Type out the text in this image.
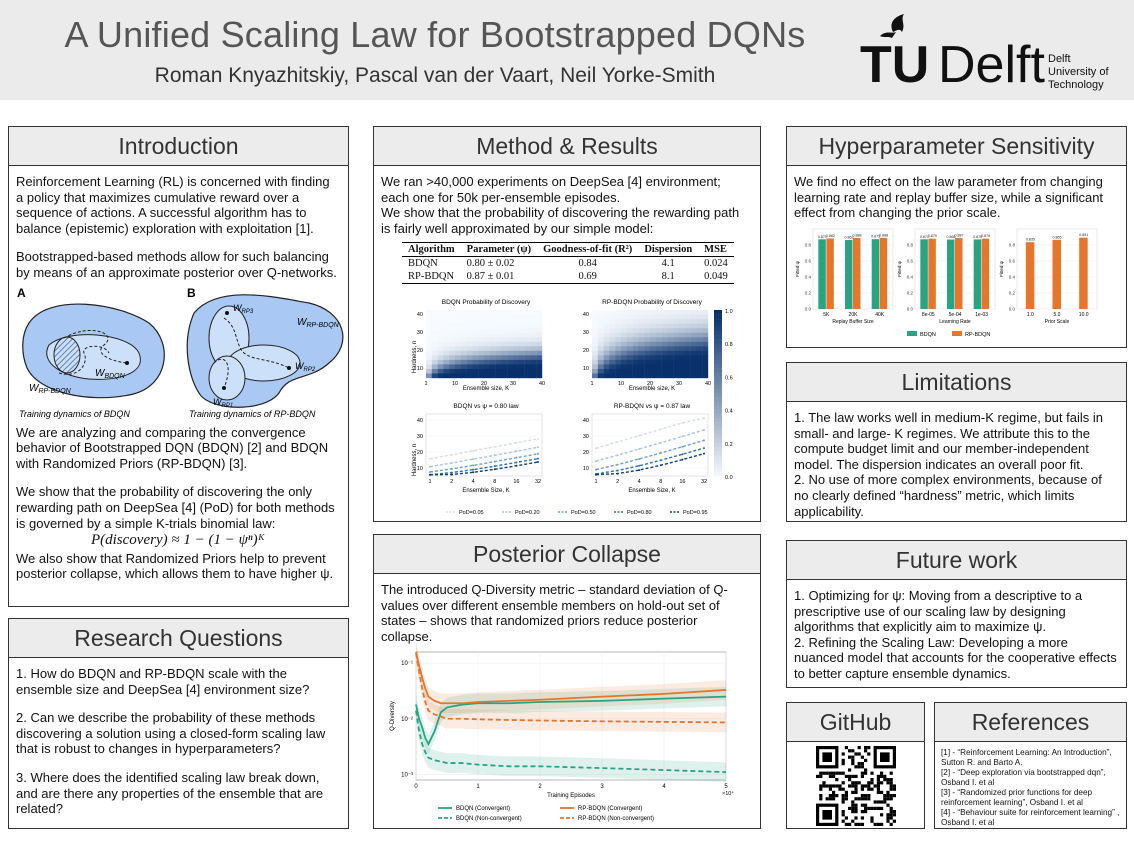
A Unified Scaling Law for Bootstrapped DQNs
Roman Knyazhitskiy, Pascal van der Vaart, Neil Yorke-Smith	TU Delft Delft
University of
Technology
Introduction

Reinforcement Learning (RL) is concerned with finding a policy that maximizes cumulative reward over a sequence of actions. A successful algorithm has to balance (epistemic) exploration with exploitation [1].

Bootstrapped-based methods allow for such balancing by means of an approximate posterior over Q-networks.

A	B
$W_{BDQN}$
$W_{RP-BDQN}$
$W_{RP3}$
$W_{RP2}$
$W_{RP1}$
$W_{RP-BDQN}$
Training dynamics of BDQN	Training dynamics of RP-BDQN

We are analyzing and comparing the convergence behavior of Bootstrapped DQN (BDQN) [2] and BDQN with Randomized Priors (RP-BDQN) [3].

We show that the probability of discovering the only rewarding path on DeepSea [4] (PoD) for both methods is governed by a simple K-trials binomial law:

P(discovery) ≈ 1 − (1 − ψⁿ)ᴷ

We also show that Randomized Priors help to prevent posterior collapse, which allows them to have higher ψ.

Research Questions

1. How do BDQN and RP-BDQN scale with the ensemble size and DeepSea [4] environment size?

2. Can we describe the probability of these methods discovering a solution using a closed-form scaling law that is robust to changes in hyperparameters?

3. Where does the identified scaling law break down, and are there any properties of the ensemble that are related?

Method & Results

We ran >40,000 experiments on DeepSea [4] environment; each one for 50k per-ensemble episodes.

We show that the probability of discovering the rewarding path is fairly well approximated by our simple model:

Algorithm	Parameter (ψ)	Goodness-of-fit (R²)	Dispersion	MSE
BDQN	0.80 ± 0.02	0.84	4.1	0.024
RP-BDQN	0.87 ± 0.01	0.69	8.1	0.049
BDQN Probability of Discovery	RP-BDQN Probability of Discovery
BDQN vs ψ = 0.80 law	RP-BDQN vs ψ = 0.87 law
Ensemble size, K	Ensemble size, K
Ensemble Size, K	Ensemble Size, K
Hardness, n
Hardness, n
40
30
20
10
1	10	20	30	40
40
30
20
10
1	2	4	8	16	32
40
30
20
10
1	10	20	30	40
40
30
20
10
1	2	4	8	16	32
1.0
0.8
0.6
0.4
0.2
0.0
PoD=0.05	PoD=0.20	PoD=0.50	PoD=0.80	PoD=0.95
Posterior Collapse

The introduced Q-Diversity metric – standard deviation of Q-values over different ensemble members on hold-out set of states – shows that randomized priors reduce posterior collapse.

0	1	2	3	4	5
10⁻¹
10⁻²
10⁻³
Training Episodes	×10⁴
Q-Diversity
BDQN (Convergent)	RP-BDQN (Convergent)
BDQN (Non-convergent)	RP-BDQN (Non-convergent)
Hyperparameter Sensitivity

We find no effect on the law parameter from changing learning rate and replay buffer size, while a significant effect from changing the prior scale.

0.0
0.2
0.4
0.6
0.8
Fitted ψ
5K
0.871 0.882
20K
0.863 0.888
40K
0.873 0.888
Replay Buffer Size
0.0
0.2
0.4
0.6
0.8
Fitted ψ
8e-05
0.871 0.879
5e-04
0.868 0.887
1e-03
0.870 0.879
Learning Rate
0.0
0.2
0.4
0.6
0.8
Fitted ψ
1.0
0.835
5.0
0.865
10.0
0.891
Prior Scale
BDQN	RP-BDQN
Limitations

1. The law works well in medium-K regime, but fails in small- and large- K regimes. We attribute this to the compute budget limit and our member-independent model. The dispersion indicates an overall poor fit.

2. No use of more complex environments, because of no clearly defined “hardness” metric, which limits applicability.

Future work

1. Optimizing for ψ: Moving from a descriptive to a prescriptive use of our scaling law by designing algorithms that explicitly aim to maximize ψ.

2. Refining the Scaling Law: Developing a more nuanced model that accounts for the cooperative effects to better capture ensemble dynamics.

GitHub	References
[1] - “Reinforcement Learning: An Introduction”, Sutton R. and Barto A.
[2] - “Deep exploration via bootstrapped dqn”, Osband I. et al
[3] - “Randomized prior functions for deep reinforcement learning”, Osband I. et al
[4] - “Behaviour suite for reinforcement learning” , Osband I. et al
